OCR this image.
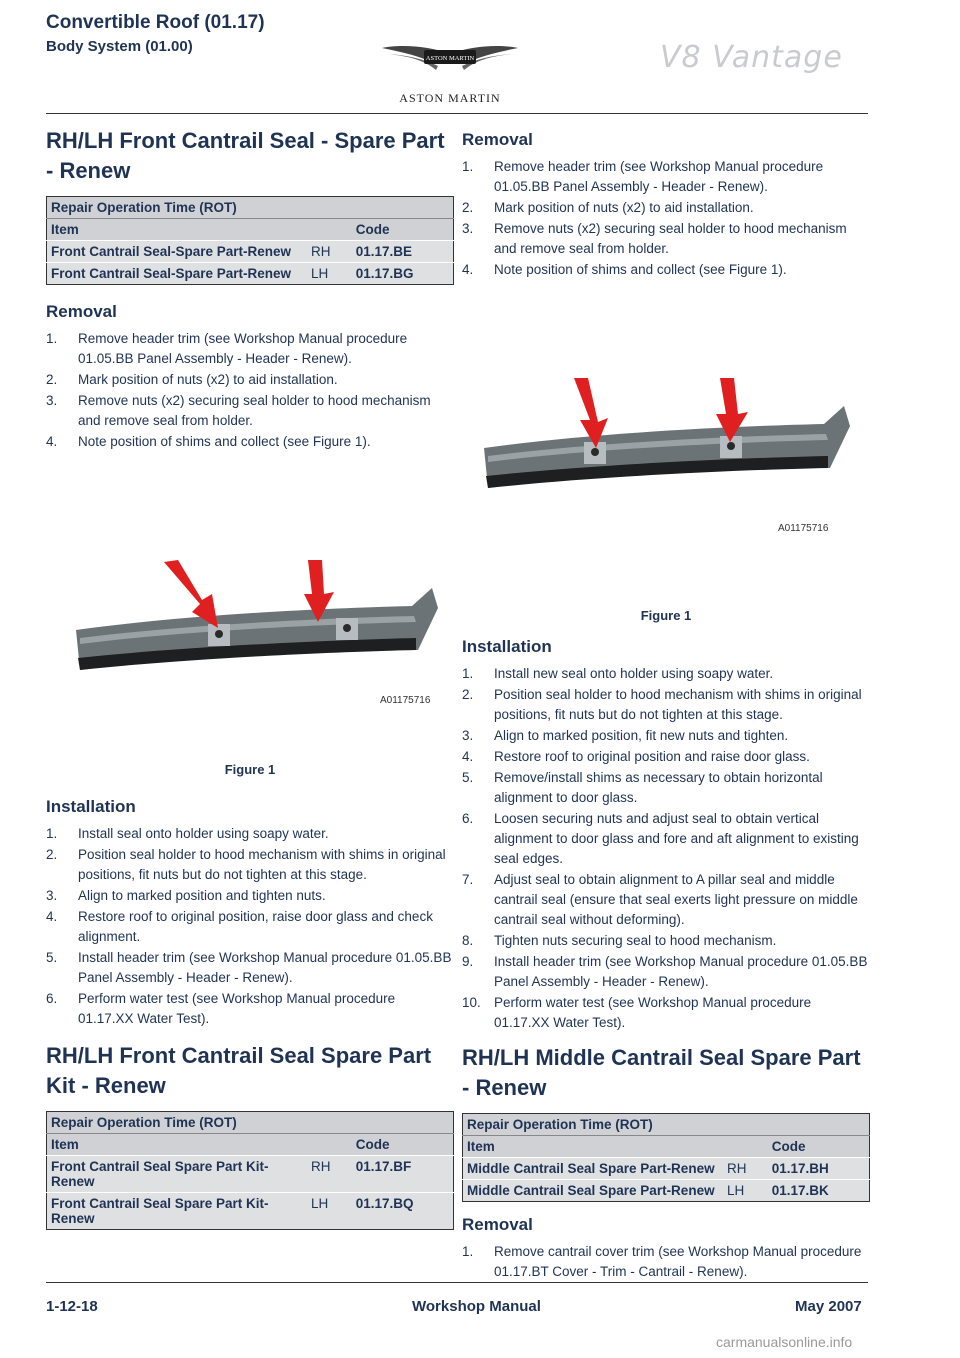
Convertible Roof (01.17)
Body System (01.00)
ASTON MARTIN
ASTON MARTIN
V8 Vantage
RH/LH Front Cantrail Seal - Spare Part - Renew
Repair Operation Time (ROT)		
Item		Code
Front Cantrail Seal-Spare Part-Renew	RH	01.17.BE
Front Cantrail Seal-Spare Part-Renew	LH	01.17.BG
Removal
1.	Remove header trim (see Workshop Manual procedure 01.05.BB Panel Assembly - Header - Renew).
2.	Mark position of nuts (x2) to aid installation.
3.	Remove nuts (x2) securing seal holder to hood mechanism and remove seal from holder.
4.	Note position of shims and collect (see Figure 1).
A01175716
Figure 1
Installation
1.	Install seal onto holder using soapy water.
2.	Position seal holder to hood mechanism with shims in original positions, fit nuts but do not tighten at this stage.
3.	Align to marked position and tighten nuts.
4.	Restore roof to original position, raise door glass and check alignment.
5.	Install header trim (see Workshop Manual procedure 01.05.BB Panel Assembly - Header - Renew).
6.	Perform water test (see Workshop Manual procedure 01.17.XX Water Test).
RH/LH Front Cantrail Seal Spare Part Kit - Renew
Repair Operation Time (ROT)		
Item		Code
Front Cantrail Seal Spare Part Kit-Renew	RH	01.17.BF
Front Cantrail Seal Spare Part Kit-Renew	LH	01.17.BQ
Removal
1.	Remove header trim (see Workshop Manual procedure 01.05.BB Panel Assembly - Header - Renew).
2.	Mark position of nuts (x2) to aid installation.
3.	Remove nuts (x2) securing seal holder to hood mechanism and remove seal from holder.
4.	Note position of shims and collect (see Figure 1).
A01175716
Figure 1
Installation
1.	Install new seal onto holder using soapy water.
2.	Position seal holder to hood mechanism with shims in original positions, fit nuts but do not tighten at this stage.
3.	Align to marked position, fit new nuts and tighten.
4.	Restore roof to original position and raise door glass.
5.	Remove/install shims as necessary to obtain horizontal alignment to door glass.
6.	Loosen securing nuts and adjust seal to obtain vertical alignment to door glass and fore and aft alignment to existing seal edges.
7.	Adjust seal to obtain alignment to A pillar seal and middle cantrail seal (ensure that seal exerts light pressure on middle cantrail seal without deforming).
8.	Tighten nuts securing seal to hood mechanism.
9.	Install header trim (see Workshop Manual procedure 01.05.BB Panel Assembly - Header - Renew).
10. Perform water test (see Workshop Manual procedure 01.17.XX Water Test).
RH/LH Middle Cantrail Seal Spare Part - Renew
Repair Operation Time (ROT)		
Item		Code
Middle Cantrail Seal Spare Part-Renew	RH	01.17.BH
Middle Cantrail Seal Spare Part-Renew	LH	01.17.BK
Removal
1.	Remove cantrail cover trim (see Workshop Manual procedure 01.17.BT Cover - Trim - Cantrail - Renew).
1-12-18	Workshop Manual	May 2007
carmanualsonline.info
